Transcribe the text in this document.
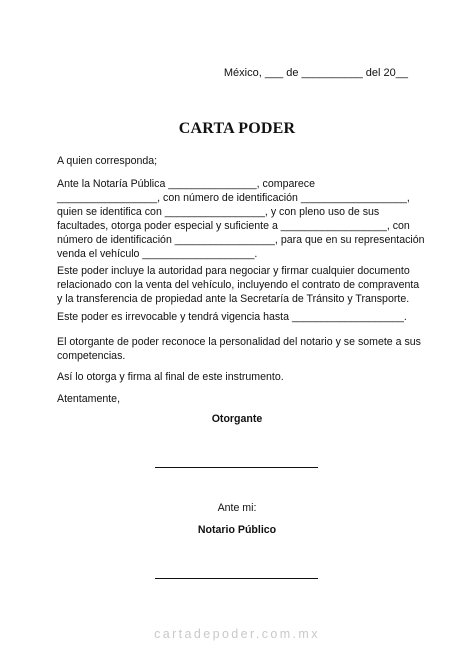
México, ___ de __________ del 20__
CARTA PODER
A quien corresponda;
Ante la Notaría Pública _______________, comparece
_________________, con número de identificación __________________,
quien se identifica con _________________, y con pleno uso de sus
facultades, otorga poder especial y suficiente a __________________, con
número de identificación _________________, para que en su representación
venda el vehículo ___________________.
Este poder incluye la autoridad para negociar y firmar cualquier documento
relacionado con la venta del vehículo, incluyendo el contrato de compraventa
y la transferencia de propiedad ante la Secretaría de Tránsito y Transporte.
Este poder es irrevocable y tendrá vigencia hasta ___________________.
El otorgante de poder reconoce la personalidad del notario y se somete a sus
competencias.
Así lo otorga y firma al final de este instrumento.
Atentamente,
Otorgante
Ante mi:
Notario Público
cartadepoder.com.mx
